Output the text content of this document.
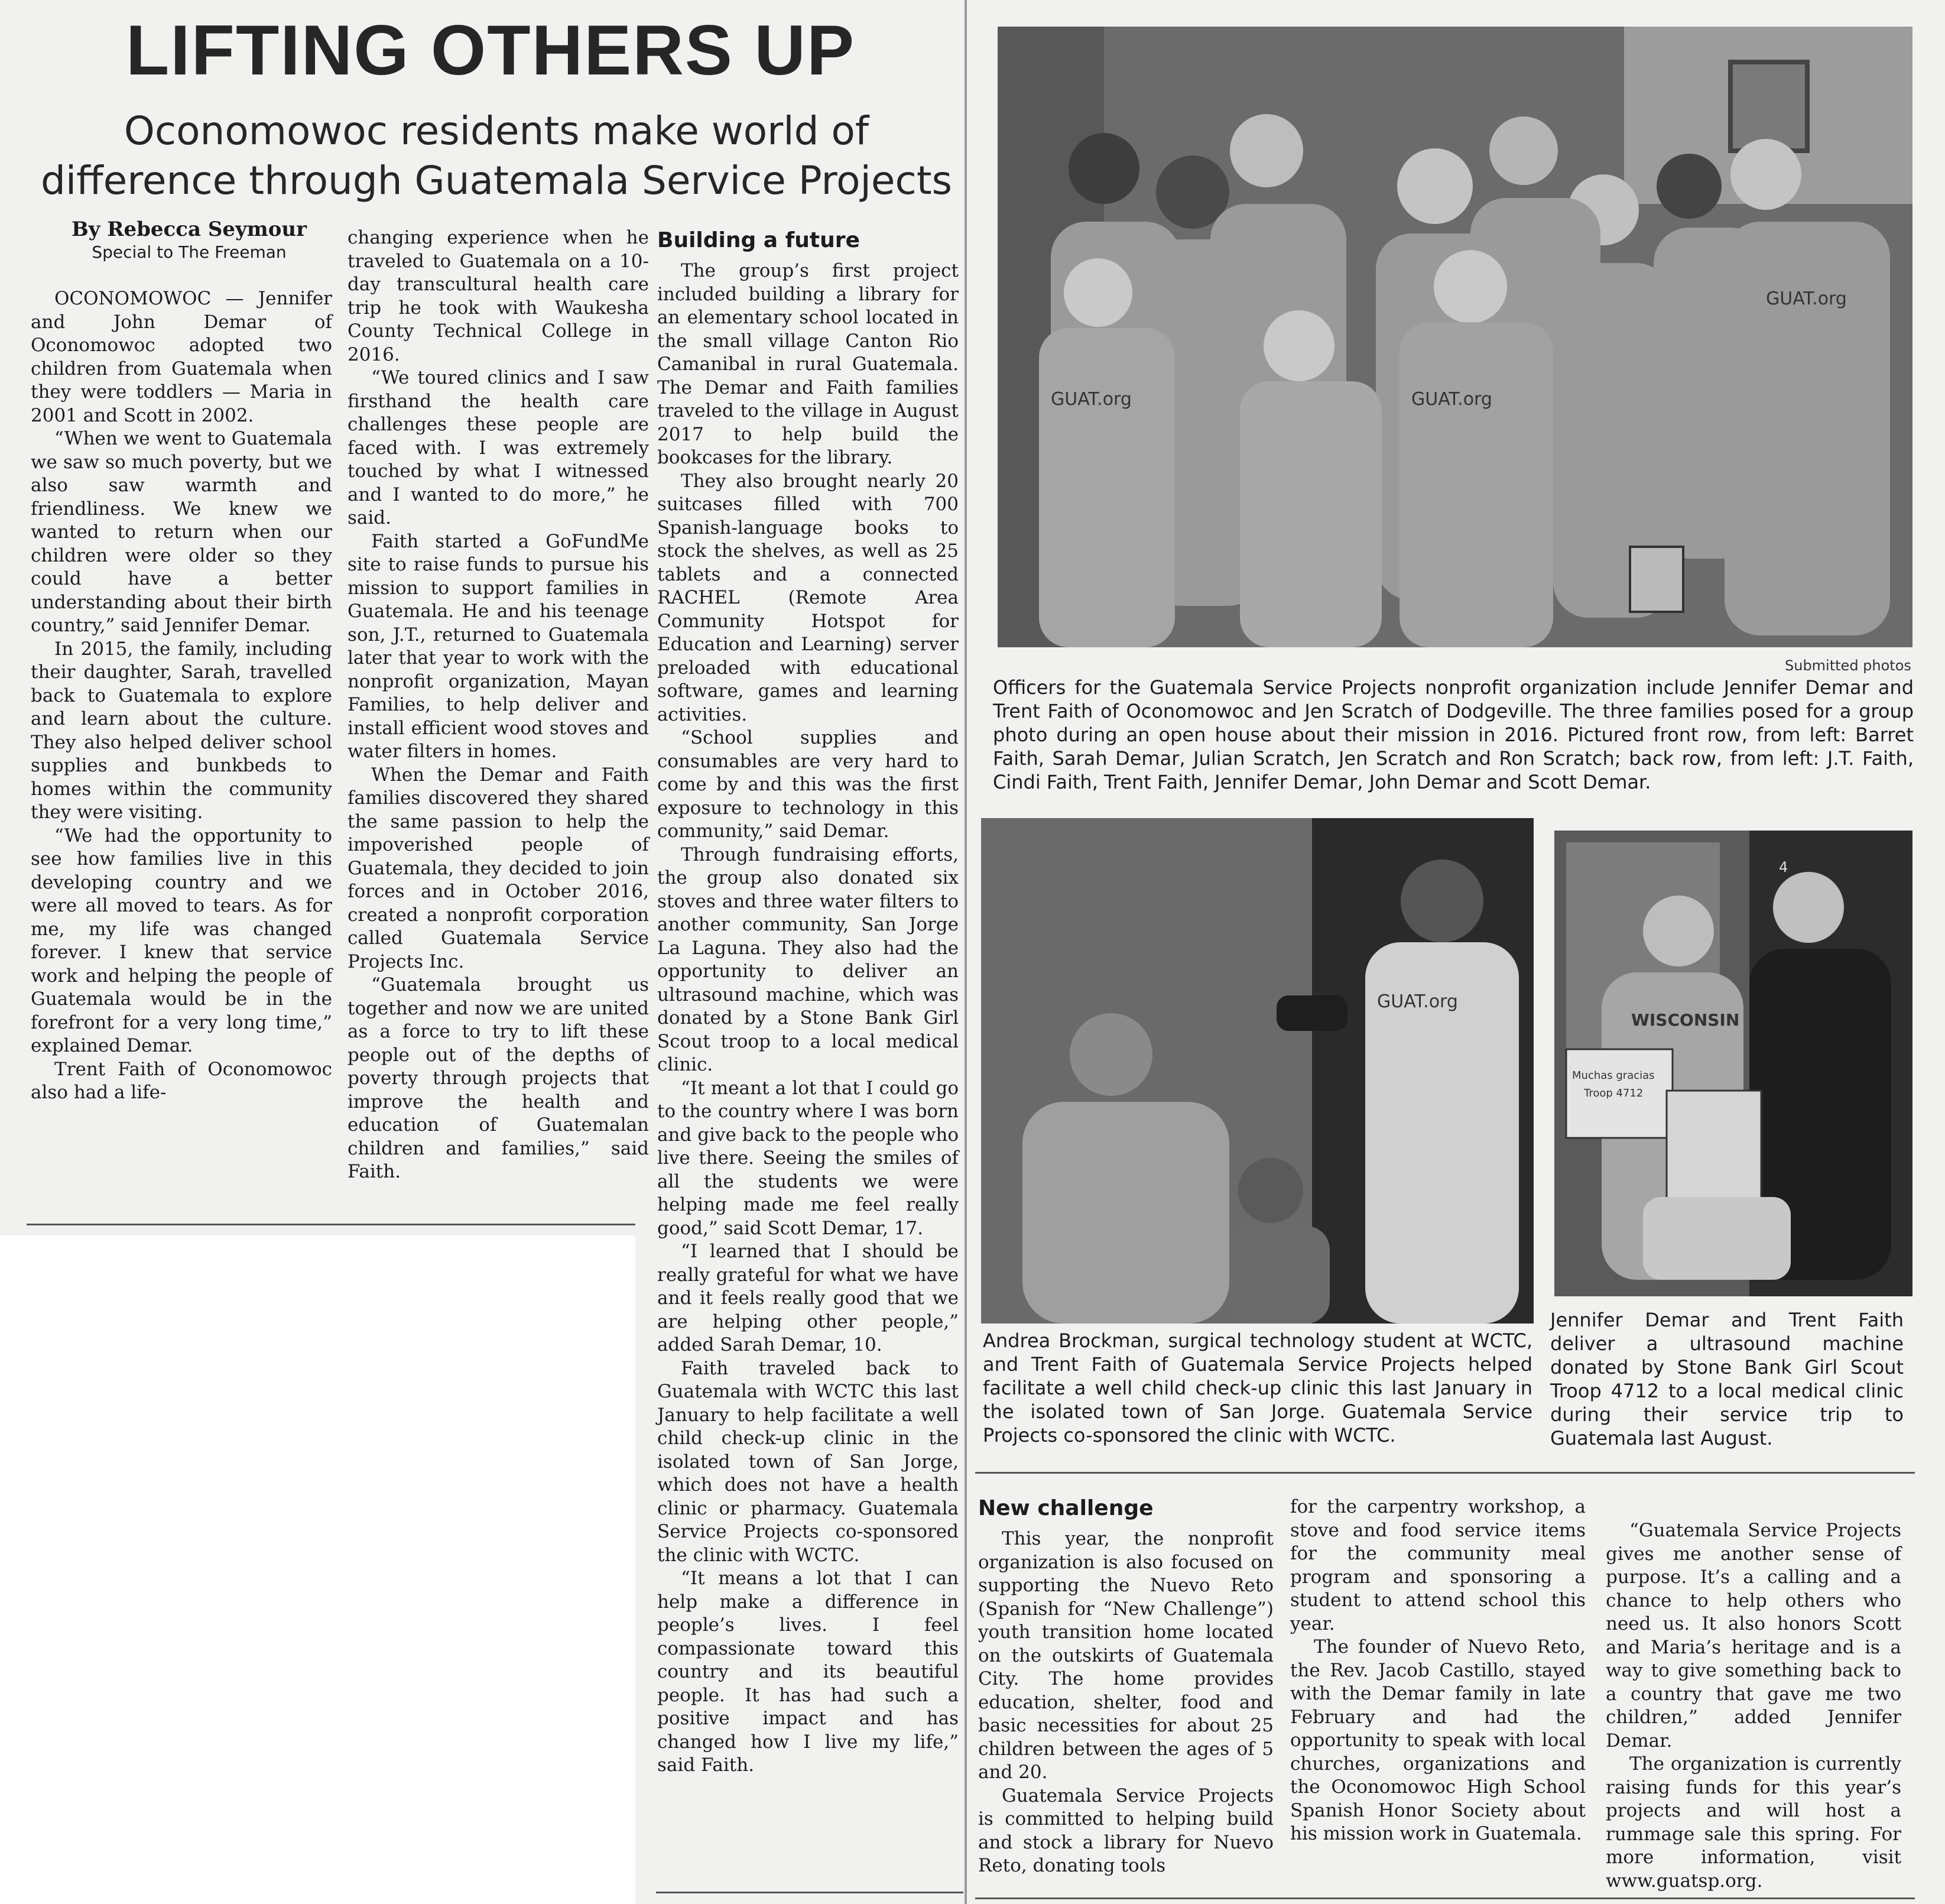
LIFTING OTHERS UP
Oconomowoc residents make world of
difference through Guatemala Service Projects
By Rebecca Seymour
Special to The Freeman

OCONOMOWOC — Jennifer and John Demar of Oconomowoc adopted two children from Guatemala when they were toddlers — Maria in 2001 and Scott in 2002.

“When we went to Guatemala we saw so much poverty, but we also saw warmth and friendliness. We knew we wanted to return when our children were older so they could have a better understanding about their birth country,” said Jennifer Demar.

In 2015, the family, including their daughter, Sarah, travelled back to Guatemala to explore and learn about the culture. They also helped deliver school supplies and bunkbeds to homes within the community they were visiting.

“We had the opportunity to see how families live in this developing country and we were all moved to tears. As for me, my life was changed forever. I knew that service work and helping the people of Guatemala would be in the forefront for a very long time,” explained Demar.

Trent Faith of Oconomowoc also had a life-

changing experience when he traveled to Guatemala on a 10-day transcultural health care trip he took with Waukesha County Technical College in 2016.

“We toured clinics and I saw firsthand the health care challenges these people are faced with. I was extremely touched by what I witnessed and I wanted to do more,” he said.

Faith started a GoFundMe site to raise funds to pursue his mission to support families in Guatemala. He and his teenage son, J.T., returned to Guatemala later that year to work with the nonprofit organization, Mayan Families, to help deliver and install efficient wood stoves and water filters in homes.

When the Demar and Faith families discovered they shared the same passion to help the impoverished people of Guatemala, they decided to join forces and in October 2016, created a nonprofit corporation called Guatemala Service Projects Inc.

“Guatemala brought us together and now we are united as a force to try to lift these people out of the depths of poverty through projects that improve the health and education of Guatemalan children and families,” said Faith.

Building a future

The group’s first project included building a library for an elementary school located in the small village Canton Rio Camanibal in rural Guatemala. The Demar and Faith families traveled to the village in August 2017 to help build the bookcases for the library.

They also brought nearly 20 suitcases filled with 700 Spanish-language books to stock the shelves, as well as 25 tablets and a connected RACHEL (Remote Area Community Hotspot for Education and Learning) server preloaded with educational software, games and learning activities.

“School supplies and consumables are very hard to come by and this was the first exposure to technology in this community,” said Demar.

Through fundraising efforts, the group also donated six stoves and three water filters to another community, San Jorge La Laguna. They also had the opportunity to deliver an ultrasound machine, which was donated by a Stone Bank Girl Scout troop to a local medical clinic.

“It meant a lot that I could go to the country where I was born and give back to the people who live there. Seeing the smiles of all the students we were helping made me feel really good,” said Scott Demar, 17.

“I learned that I should be really grateful for what we have and it feels really good that we are helping other people,” added Sarah Demar, 10.

Faith traveled back to Guatemala with WCTC this last January to help facilitate a well child check-up clinic in the isolated town of San Jorge, which does not have a health clinic or pharmacy. Guatemala Service Projects co-sponsored the clinic with WCTC.

“It means a lot that I can help make a difference in people’s lives. I feel compassionate toward this country and its beautiful people. It has had such a positive impact and has changed how I live my life,” said Faith.

GUAT.org	GUAT.org
GUAT.org
Submitted photos
Officers for the Guatemala Service Projects nonprofit organization include Jennifer Demar and Trent Faith of Oconomowoc and Jen Scratch of Dodgeville. The three families posed for a group photo during an open house about their mission in 2016. Pictured front row, from left: Barret Faith, Sarah Demar, Julian Scratch, Jen Scratch and Ron Scratch; back row, from left: J.T. Faith, Cindi Faith, Trent Faith, Jennifer Demar, John Demar and Scott Demar.
GUAT.org
Andrea Brockman, surgical technology student at WCTC, and Trent Faith of Guatemala Service Projects helped facilitate a well child check-up clinic this last January in the isolated town of San Jorge. Guatemala Service Projects co-sponsored the clinic with WCTC.
4
WISCONSIN
Muchas gracias
Troop 4712
Jennifer Demar and Trent Faith deliver a ultrasound machine donated by Stone Bank Girl Scout Troop 4712 to a local medical clinic during their service trip to Guatemala last August.
New challenge

This year, the nonprofit organization is also focused on supporting the Nuevo Reto (Spanish for “New Challenge”) youth transition home located on the outskirts of Guatemala City. The home provides education, shelter, food and basic necessities for about 25 children between the ages of 5 and 20.

Guatemala Service Projects is committed to helping build and stock a library for Nuevo Reto, donating tools

for the carpentry workshop, a stove and food service items for the community meal program and sponsoring a student to attend school this year.

The founder of Nuevo Reto, the Rev. Jacob Castillo, stayed with the Demar family in late February and had the opportunity to speak with local churches, organizations and the Oconomowoc High School Spanish Honor Society about his mission work in Guatemala.

“Guatemala Service Projects gives me another sense of purpose. It’s a calling and a chance to help others who need us. It also honors Scott and Maria’s heritage and is a way to give something back to a country that gave me two children,” added Jennifer Demar.

The organization is currently raising funds for this year’s projects and will host a rummage sale this spring. For more information, visit www.guatsp.org.
